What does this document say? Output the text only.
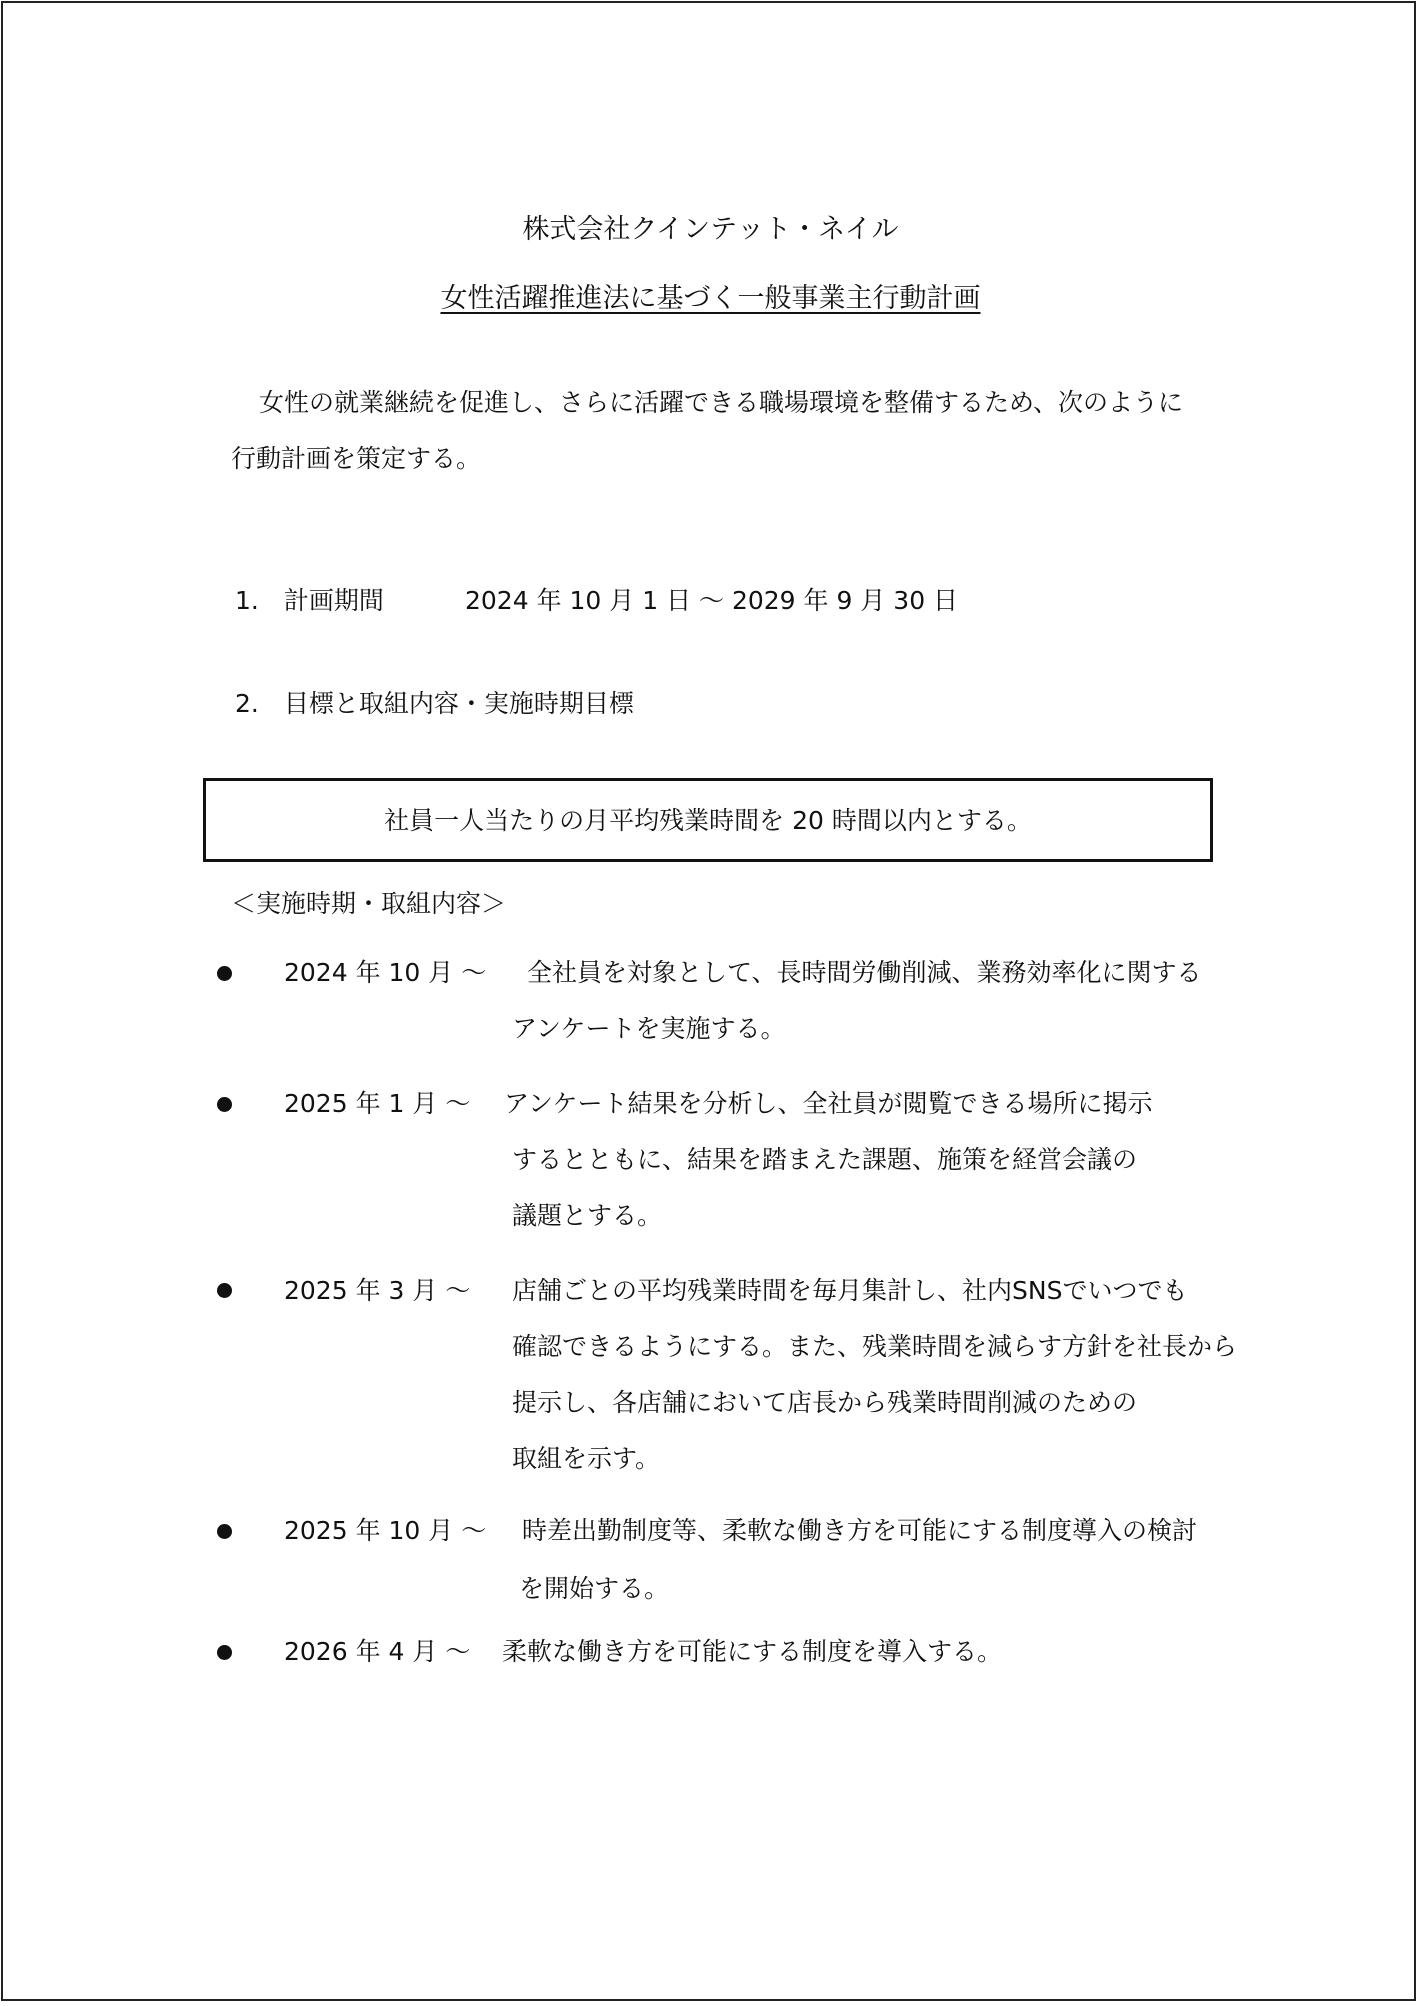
株式会社クインテット・ネイル
女性活躍推進法に基づく一般事業主行動計画
女性の就業継続を促進し、さらに活躍できる職場環境を整備するため、次のように
行動計画を策定する。
1.　計画期間	2024 年 10 月 1 日 ～ 2029 年 9 月 30 日
2.　目標と取組内容・実施時期目標
社員一人当たりの月平均残業時間を 20 時間以内とする。
＜実施時期・取組内容＞
2024 年 10 月 ～ 全社員を対象として、長時間労働削減、業務効率化に関する
アンケートを実施する。
2025 年 1 月 ～ アンケート結果を分析し、全社員が閲覧できる場所に掲示
するとともに、結果を踏まえた課題、施策を経営会議の
議題とする。
2025 年 3 月 ～ 店舗ごとの平均残業時間を毎月集計し、社内SNSでいつでも
確認できるようにする。また、残業時間を減らす方針を社長から
提示し、各店舗において店長から残業時間削減のための
取組を示す。
2025 年 10 月 ～ 時差出勤制度等、柔軟な働き方を可能にする制度導入の検討
を開始する。
2026 年 4 月 ～ 柔軟な働き方を可能にする制度を導入する。
